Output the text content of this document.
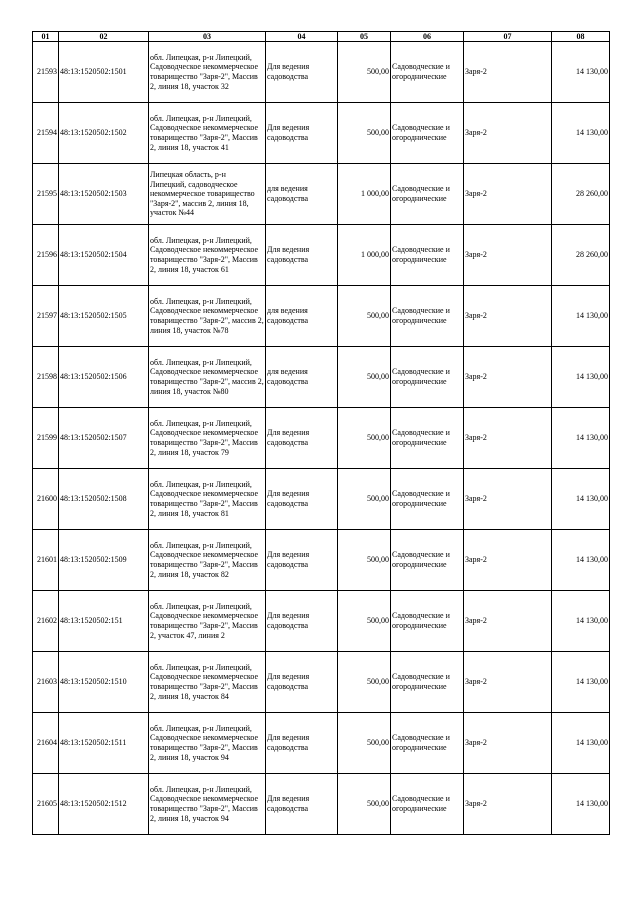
01	02	03	04	05	06	07	08
21593	48:13:1520502:1501	обл. Липецкая, р-н Липецкий, Садоводческое некоммерческое товарищество "Заря-2", Массив 2, линия 18, участок 32	Для ведения садоводства	500,00	Садоводческие и огороднические	Заря-2	14 130,00
21594	48:13:1520502:1502	обл. Липецкая, р-н Липецкий, Садоводческое некоммерческое товарищество "Заря-2", Массив 2, линия 18, участок 41	Для ведения садоводства	500,00	Садоводческие и огороднические	Заря-2	14 130,00
21595	48:13:1520502:1503	Липецкая область, р-н Липецкий, садоводческое некоммерческое товарищество "Заря-2", массив 2, линия 18, участок №44	для ведения садоводства	1 000,00	Садоводческие и огороднические	Заря-2	28 260,00
21596	48:13:1520502:1504	обл. Липецкая, р-н Липецкий, Садоводческое некоммерческое товарищество "Заря-2", Массив 2, линия 18, участок 61	Для ведения садоводства	1 000,00	Садоводческие и огороднические	Заря-2	28 260,00
21597	48:13:1520502:1505	обл. Липецкая, р-н Липецкий, Садоводческое некоммерческое товарищество "Заря-2", массив 2, линия 18, участок №78	для ведения садоводства	500,00	Садоводческие и огороднические	Заря-2	14 130,00
21598	48:13:1520502:1506	обл. Липецкая, р-н Липецкий, Садоводческое некоммерческое товарищество "Заря-2", массив 2, линия 18, участок №80	для ведения садоводства	500,00	Садоводческие и огороднические	Заря-2	14 130,00
21599	48:13:1520502:1507	обл. Липецкая, р-н Липецкий, Садоводческое некоммерческое товарищество "Заря-2", Массив 2, линия 18, участок 79	Для ведения садоводства	500,00	Садоводческие и огороднические	Заря-2	14 130,00
21600	48:13:1520502:1508	обл. Липецкая, р-н Липецкий, Садоводческое некоммерческое товарищество "Заря-2", Массив 2, линия 18, участок 81	Для ведения садоводства	500,00	Садоводческие и огороднические	Заря-2	14 130,00
21601	48:13:1520502:1509	обл. Липецкая, р-н Липецкий, Садоводческое некоммерческое товарищество "Заря-2", Массив 2, линия 18, участок 82	Для ведения садоводства	500,00	Садоводческие и огороднические	Заря-2	14 130,00
21602	48:13:1520502:151	обл. Липецкая, р-н Липецкий, Садоводческое некоммерческое товарищество "Заря-2", Массив 2, участок 47, линия 2	Для ведения садоводства	500,00	Садоводческие и огороднические	Заря-2	14 130,00
21603	48:13:1520502:1510	обл. Липецкая, р-н Липецкий, Садоводческое некоммерческое товарищество "Заря-2", Массив 2, линия 18, участок 84	Для ведения садоводства	500,00	Садоводческие и огороднические	Заря-2	14 130,00
21604	48:13:1520502:1511	обл. Липецкая, р-н Липецкий, Садоводческое некоммерческое товарищество "Заря-2", Массив 2, линия 18, участок 94	Для ведения садоводства	500,00	Садоводческие и огороднические	Заря-2	14 130,00
21605	48:13:1520502:1512	обл. Липецкая, р-н Липецкий, Садоводческое некоммерческое товарищество "Заря-2", Массив 2, линия 18, участок 94	Для ведения садоводства	500,00	Садоводческие и огороднические	Заря-2	14 130,00
